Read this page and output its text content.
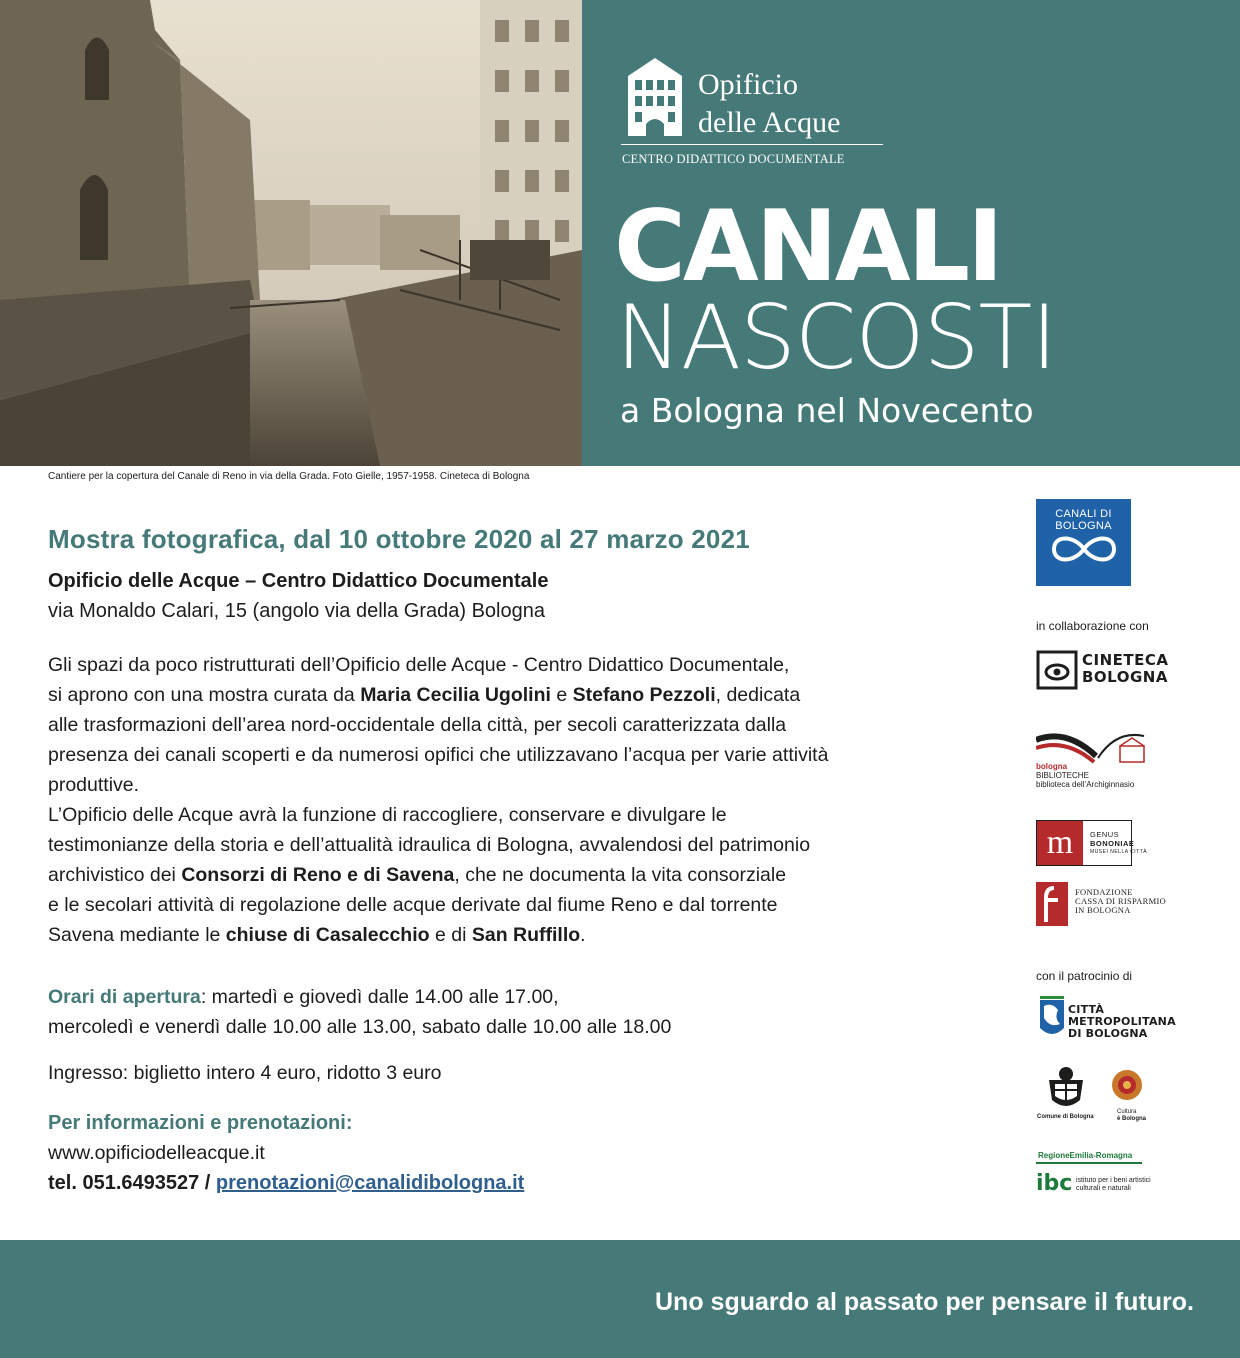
Cantiere per la copertura del Canale di Reno in via della Grada. Foto Gielle, 1957-1958. Cineteca di Bologna
Opificio
delle Acque
CENTRO DIDATTICO DOCUMENTALE
CANALI
NASCOSTI
a Bologna nel Novecento
Mostra fotografica, dal 10 ottobre 2020 al 27 marzo 2021
Opificio delle Acque – Centro Didattico Documentale
via Monaldo Calari, 15 (angolo via della Grada) Bologna
Gli spazi da poco ristrutturati dell’Opificio delle Acque - Centro Didattico Documentale,
si aprono con una mostra curata da Maria Cecilia Ugolini e Stefano Pezzoli, dedicata
alle trasformazioni dell’area nord-occidentale della città, per secoli caratterizzata dalla
presenza dei canali scoperti e da numerosi opifici che utilizzavano l’acqua per varie attività
produttive.
L’Opificio delle Acque avrà la funzione di raccogliere, conservare e divulgare le
testimonianze della storia e dell’attualità idraulica di Bologna, avvalendosi del patrimonio
archivistico dei Consorzi di Reno e di Savena, che ne documenta la vita consorziale
e le secolari attività di regolazione delle acque derivate dal fiume Reno e dal torrente
Savena mediante le chiuse di Casalecchio e di San Ruffillo.
Orari di apertura: martedì e giovedì dalle 14.00 alle 17.00,
mercoledì e venerdì dalle 10.00 alle 13.00, sabato dalle 10.00 alle 18.00
Ingresso: biglietto intero 4 euro, ridotto 3 euro
Per informazioni e prenotazioni:
www.opificiodelleacque.it
tel. 051.6493527 / prenotazioni@canalidibologna.it
CANALI DI
BOLOGNA
in collaborazione con
CINETECA
BOLOGNA
bologna
BIBLIOTECHE
biblioteca dell’Archiginnasio
m	GENUS
BONONIAE
MUSEI NELLA CITTÀ
FONDAZIONE
CASSA DI RISPARMIO
IN BOLOGNA
con il patrocinio di
CITTÀ
METROPOLITANA
DI BOLOGNA
Comune di Bologna
Cultura
è Bologna
RegioneEmilia-Romagna
ibc istituto per i beni artistici
culturali e naturali
Uno sguardo al passato per pensare il futuro.
